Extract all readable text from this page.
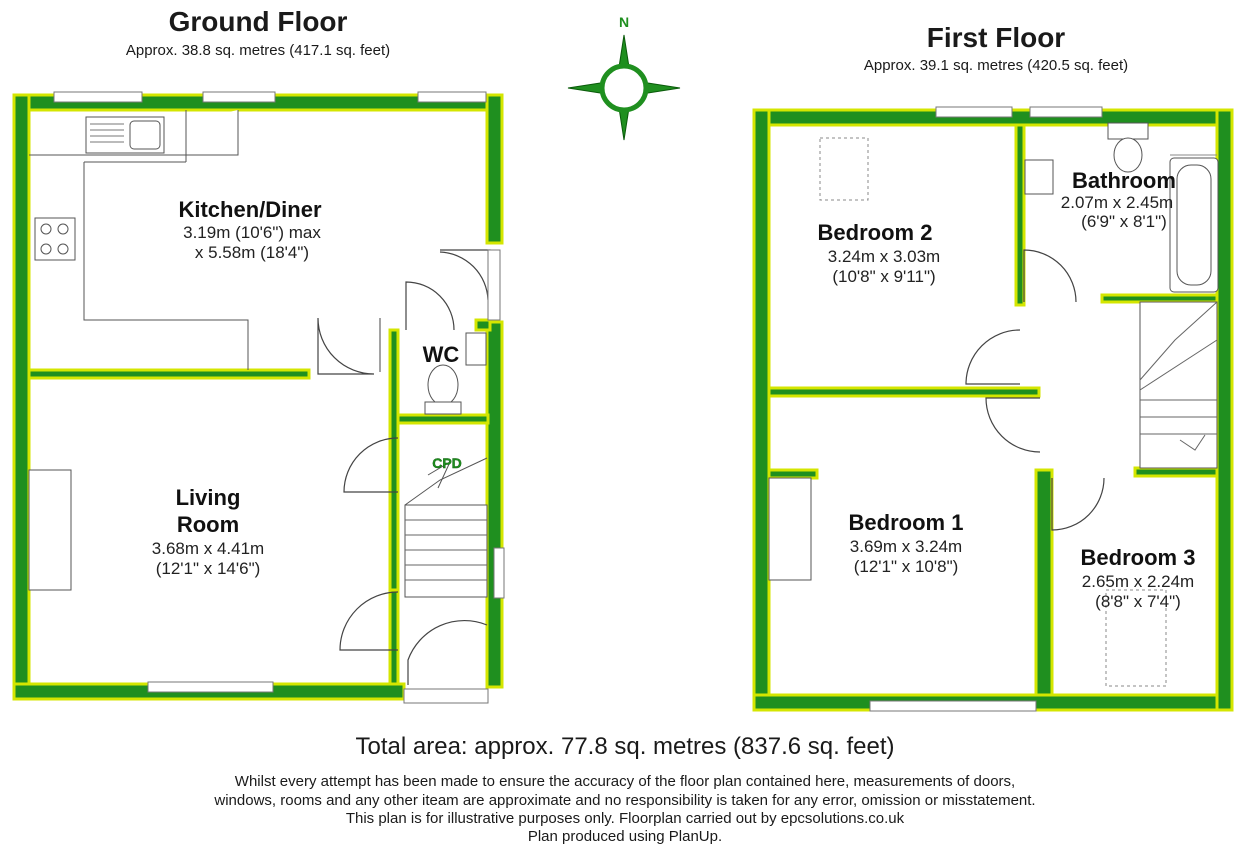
Ground Floor
Approx. 38.8 sq. metres (417.1 sq. feet)	First Floor
Approx. 39.1 sq. metres (420.5 sq. feet)
Kitchen/Diner
3.19m (10'6") max
x 5.58m (18'4")
WC
CPD
Living
Room
3.68m x 4.41m
(12'1" x 14'6")
N
Bedroom 2
3.24m x 3.03m
(10'8" x 9'11")
Bathroom
2.07m x 2.45m
(6'9" x 8'1")
Bedroom 1
3.69m x 3.24m
(12'1" x 10'8")	Bedroom 3
2.65m x 2.24m
(8'8" x 7'4")
Total area: approx. 77.8 sq. metres (837.6 sq. feet)
Whilst every attempt has been made to ensure the accuracy of the floor plan contained here, measurements of doors,
windows, rooms and any other iteam are approximate and no responsibility is taken for any error, omission or misstatement.
This plan is for illustrative purposes only. Floorplan carried out by epcsolutions.co.uk
Plan produced using PlanUp.
